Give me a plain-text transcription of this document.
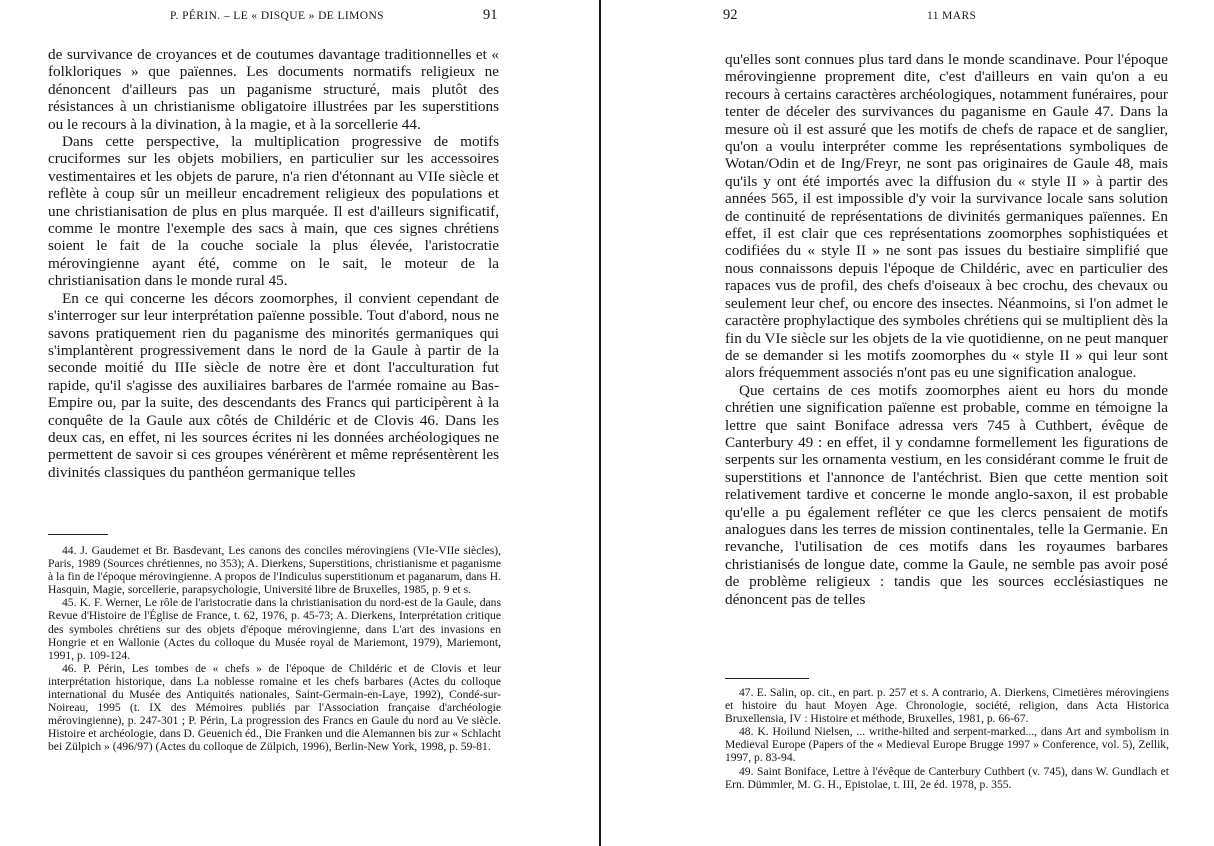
P. PÉRIN. – LE « DISQUE » DE LIMONS	91

de survivance de croyances et de coutumes davantage traditionnelles et « folkloriques » que païennes. Les documents normatifs religieux ne dénoncent d'ailleurs pas un paganisme structuré, mais plutôt des résistances à un christianisme obligatoire illustrées par les superstitions ou le recours à la divination, à la magie, et à la sorcellerie 44.

Dans cette perspective, la multiplication progressive de motifs cruciformes sur les objets mobiliers, en particulier sur les accessoires vestimentaires et les objets de parure, n'a rien d'étonnant au VIIe siècle et reflète à coup sûr un meilleur encadrement religieux des populations et une christianisation de plus en plus marquée. Il est d'ailleurs significatif, comme le montre l'exemple des sacs à main, que ces signes chrétiens soient le fait de la couche sociale la plus élevée, l'aristocratie mérovingienne ayant été, comme on le sait, le moteur de la christianisation dans le monde rural 45.

En ce qui concerne les décors zoomorphes, il convient cependant de s'interroger sur leur interprétation païenne possible. Tout d'abord, nous ne savons pratiquement rien du paganisme des minorités germaniques qui s'implantèrent progressivement dans le nord de la Gaule à partir de la seconde moitié du IIIe siècle de notre ère et dont l'acculturation fut rapide, qu'il s'agisse des auxiliaires barbares de l'armée romaine au Bas-Empire ou, par la suite, des descendants des Francs qui participèrent à la conquête de la Gaule aux côtés de Childéric et de Clovis 46. Dans les deux cas, en effet, ni les sources écrites ni les données archéologiques ne permettent de savoir si ces groupes vénérèrent et même représentèrent les divinités classiques du panthéon germanique telles

44. J. Gaudemet et Br. Basdevant, Les canons des conciles mérovingiens (VIe-VIIe siècles), Paris, 1989 (Sources chrétiennes, no 353); A. Dierkens, Superstitions, christianisme et paganisme à la fin de l'époque mérovingienne. A propos de l'Indiculus superstitionum et paganarum, dans H. Hasquin, Magie, sorcellerie, parapsychologie, Université libre de Bruxelles, 1985, p. 9 et s.

45. K. F. Werner, Le rôle de l'aristocratie dans la christianisation du nord-est de la Gaule, dans Revue d'Histoire de l'Église de France, t. 62, 1976, p. 45-73; A. Dierkens, Interprétation critique des symboles chrétiens sur des objets d'époque mérovingienne, dans L'art des invasions en Hongrie et en Wallonie (Actes du colloque du Musée royal de Mariemont, 1979), Mariemont, 1991, p. 109-124.

46. P. Périn, Les tombes de « chefs » de l'époque de Childéric et de Clovis et leur interprétation historique, dans La noblesse romaine et les chefs barbares (Actes du colloque international du Musée des Antiquités nationales, Saint-Germain-en-Laye, 1992), Condé-sur-Noireau, 1995 (t. IX des Mémoires publiés par l'Association française d'archéologie mérovingienne), p. 247-301 ; P. Périn, La progression des Francs en Gaule du nord au Ve siècle. Histoire et archéologie, dans D. Geuenich éd., Die Franken und die Alemannen bis zur « Schlacht bei Zülpich » (496/97) (Actes du colloque de Zülpich, 1996), Berlin-New York, 1998, p. 59-81.

92	11 MARS

qu'elles sont connues plus tard dans le monde scandinave. Pour l'époque mérovingienne proprement dite, c'est d'ailleurs en vain qu'on a eu recours à certains caractères archéologiques, notamment funéraires, pour tenter de déceler des survivances du paganisme en Gaule 47. Dans la mesure où il est assuré que les motifs de chefs de rapace et de sanglier, qu'on a voulu interpréter comme les représentations symboliques de Wotan/Odin et de Ing/Freyr, ne sont pas originaires de Gaule 48, mais qu'ils y ont été importés avec la diffusion du « style II » à partir des années 565, il est impossible d'y voir la survivance locale sans solution de continuité de représentations de divinités germaniques païennes. En effet, il est clair que ces représentations zoomorphes sophistiquées et codifiées du « style II » ne sont pas issues du bestiaire simplifié que nous connaissons depuis l'époque de Childéric, avec en particulier des rapaces vus de profil, des chefs d'oiseaux à bec crochu, des chevaux ou seulement leur chef, ou encore des insectes. Néanmoins, si l'on admet le caractère prophylactique des symboles chrétiens qui se multiplient dès la fin du VIe siècle sur les objets de la vie quotidienne, on ne peut manquer de se demander si les motifs zoomorphes du « style II » qui leur sont alors fréquemment associés n'ont pas eu une signification analogue.

Que certains de ces motifs zoomorphes aient eu hors du monde chrétien une signification païenne est probable, comme en témoigne la lettre que saint Boniface adressa vers 745 à Cuthbert, évêque de Canterbury 49 : en effet, il y condamne formellement les figurations de serpents sur les ornamenta vestium, en les considérant comme le fruit de superstitions et l'annonce de l'antéchrist. Bien que cette mention soit relativement tardive et concerne le monde anglo-saxon, il est probable qu'elle a pu également refléter ce que les clercs pensaient de motifs analogues dans les terres de mission continentales, telle la Germanie. En revanche, l'utilisation de ces motifs dans les royaumes barbares christianisés de longue date, comme la Gaule, ne semble pas avoir posé de problème religieux : tandis que les sources ecclésiastiques ne dénoncent pas de telles

47. E. Salin, op. cit., en part. p. 257 et s. A contrario, A. Dierkens, Cimetières mérovingiens et histoire du haut Moyen Age. Chronologie, société, religion, dans Acta Historica Bruxellensia, IV : Histoire et méthode, Bruxelles, 1981, p. 66-67.

48. K. Hoilund Nielsen, ... writhe-hilted and serpent-marked..., dans Art and symbolism in Medieval Europe (Papers of the « Medieval Europe Brugge 1997 » Conference, vol. 5), Zellik, 1997, p. 83-94.

49. Saint Boniface, Lettre à l'évêque de Canterbury Cuthbert (v. 745), dans W. Gundlach et Ern. Dümmler, M. G. H., Epistolae, t. III, 2e éd. 1978, p. 355.
